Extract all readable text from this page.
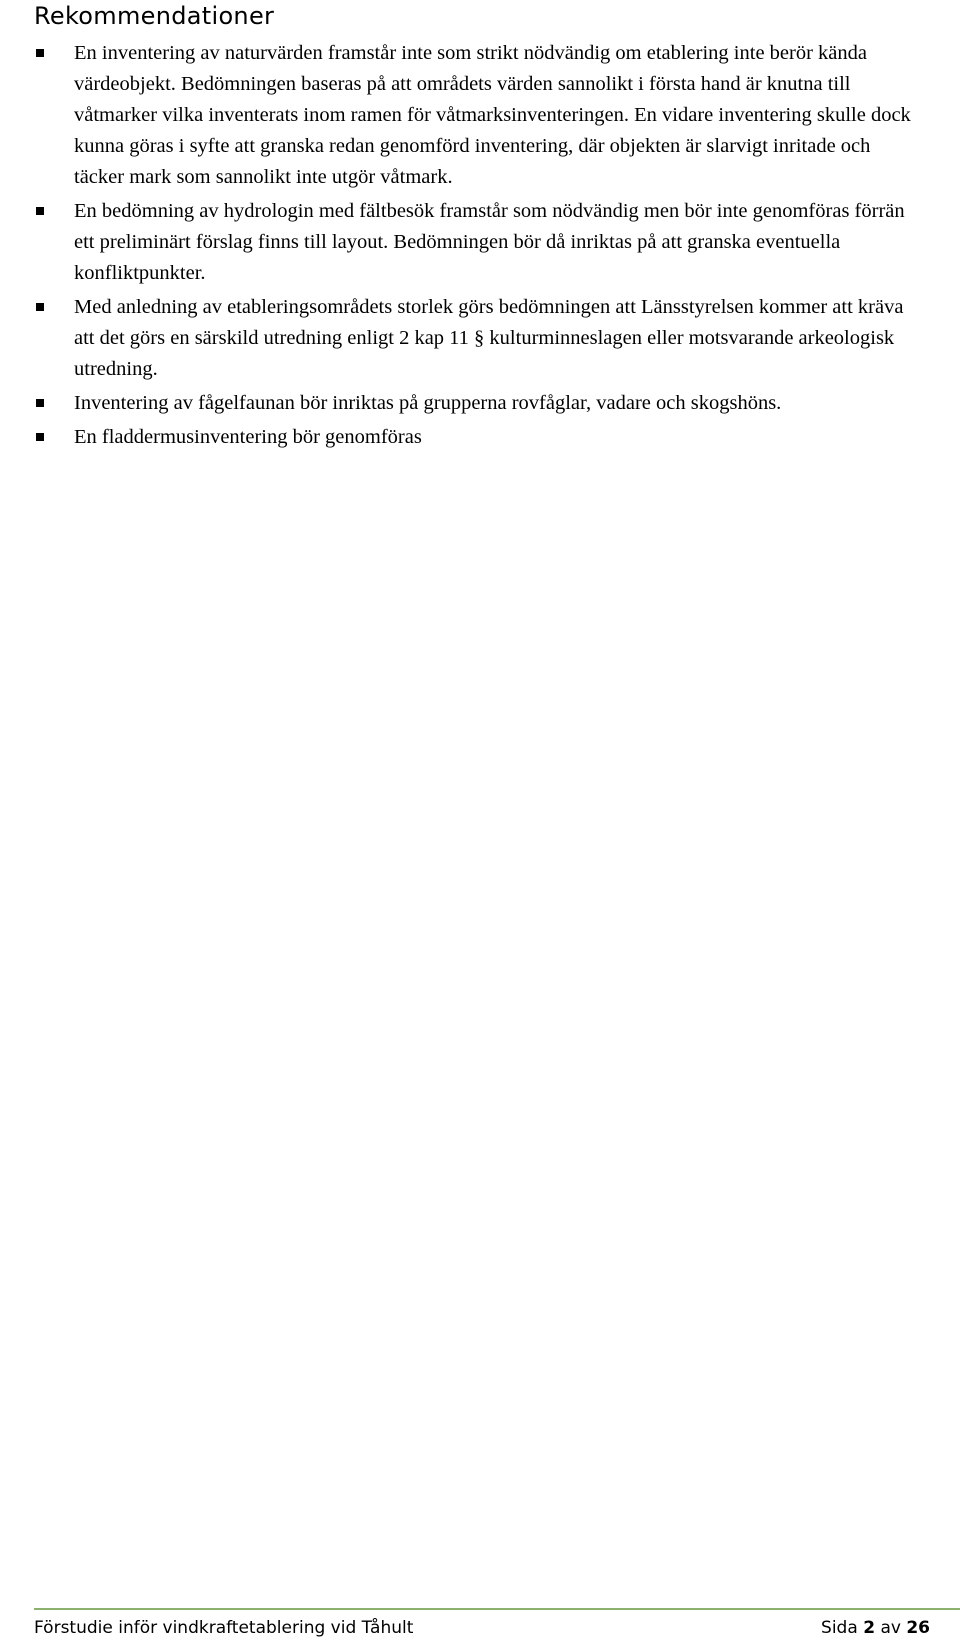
Rekommendationer
En inventering av naturvärden framstår inte som strikt nödvändig om etablering inte berör kända värdeobjekt. Bedömningen baseras på att områdets värden sannolikt i första hand är knutna till våtmarker vilka inventerats inom ramen för våtmarksinventeringen. En vidare inventering skulle dock kunna göras i syfte att granska redan genomförd inventering, där objekten är slarvigt inritade och täcker mark som sannolikt inte utgör våtmark.
En bedömning av hydrologin med fältbesök framstår som nödvändig men bör inte genomföras förrän ett preliminärt förslag finns till layout. Bedömningen bör då inriktas på att granska eventuella konfliktpunkter.
Med anledning av etableringsområdets storlek görs bedömningen att Länsstyrelsen kommer att kräva att det görs en särskild utredning enligt 2 kap 11 § kulturminneslagen eller motsvarande arkeologisk utredning.
Inventering av fågelfaunan bör inriktas på grupperna rovfåglar, vadare och skogshöns.
En fladdermusinventering bör genomföras
Förstudie inför vindkraftetablering vid Tåhult	Sida 2 av 26
